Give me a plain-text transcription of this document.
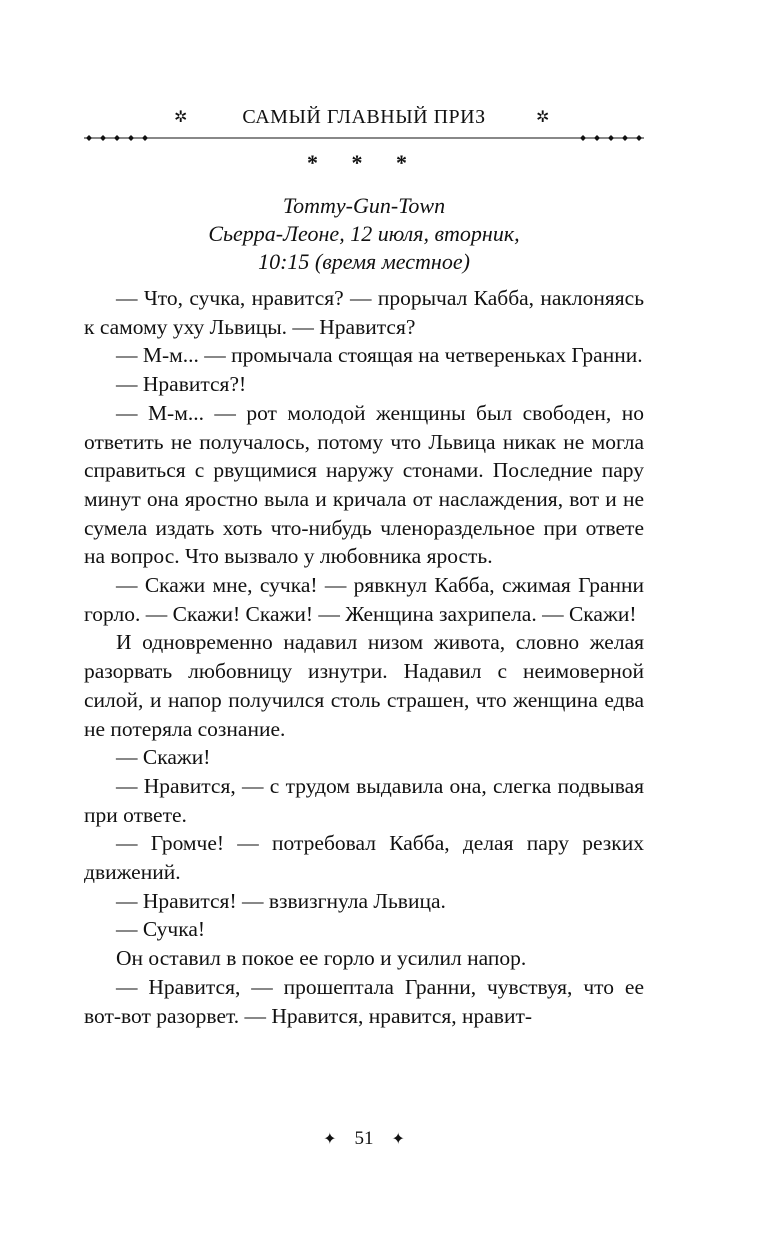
✲	САМЫЙ ГЛАВНЫЙ ПРИЗ	✲
* * *
Tommy-Gun-Town
Сьерра-Леоне, 12 июля, вторник,
10:15 (время местное)

— Что, сучка, нравится? — прорычал Кабба, наклоняясь к самому уху Львицы. — Нравится?

— М-м... — промычала стоящая на четвереньках Гранни.

— Нравится?!

— М-м... — рот молодой женщины был свободен, но ответить не получалось, потому что Львица никак не могла справиться с рвущимися наружу стонами. Последние пару минут она яростно выла и кричала от наслаждения, вот и не сумела издать хоть что-нибудь членораздельное при ответе на вопрос. Что вызвало у любовника ярость.

— Скажи мне, сучка! — рявкнул Кабба, сжимая Гранни горло. — Скажи! Скажи! — Женщина захрипела. — Скажи!

И одновременно надавил низом живота, словно желая разорвать любовницу изнутри. Надавил с неимоверной силой, и напор получился столь страшен, что женщина едва не потеряла сознание.

— Скажи!

— Нравится, — с трудом выдавила она, слегка подвывая при ответе.

— Громче! — потребовал Кабба, делая пару резких движений.

— Нравится! — взвизгнула Львица.

— Сучка!

Он оставил в покое ее горло и усилил напор.

— Нравится, — прошептала Гранни, чувствуя, что ее вот-вот разорвет. — Нравится, нравится, нравит-

✦ 51 ✦
